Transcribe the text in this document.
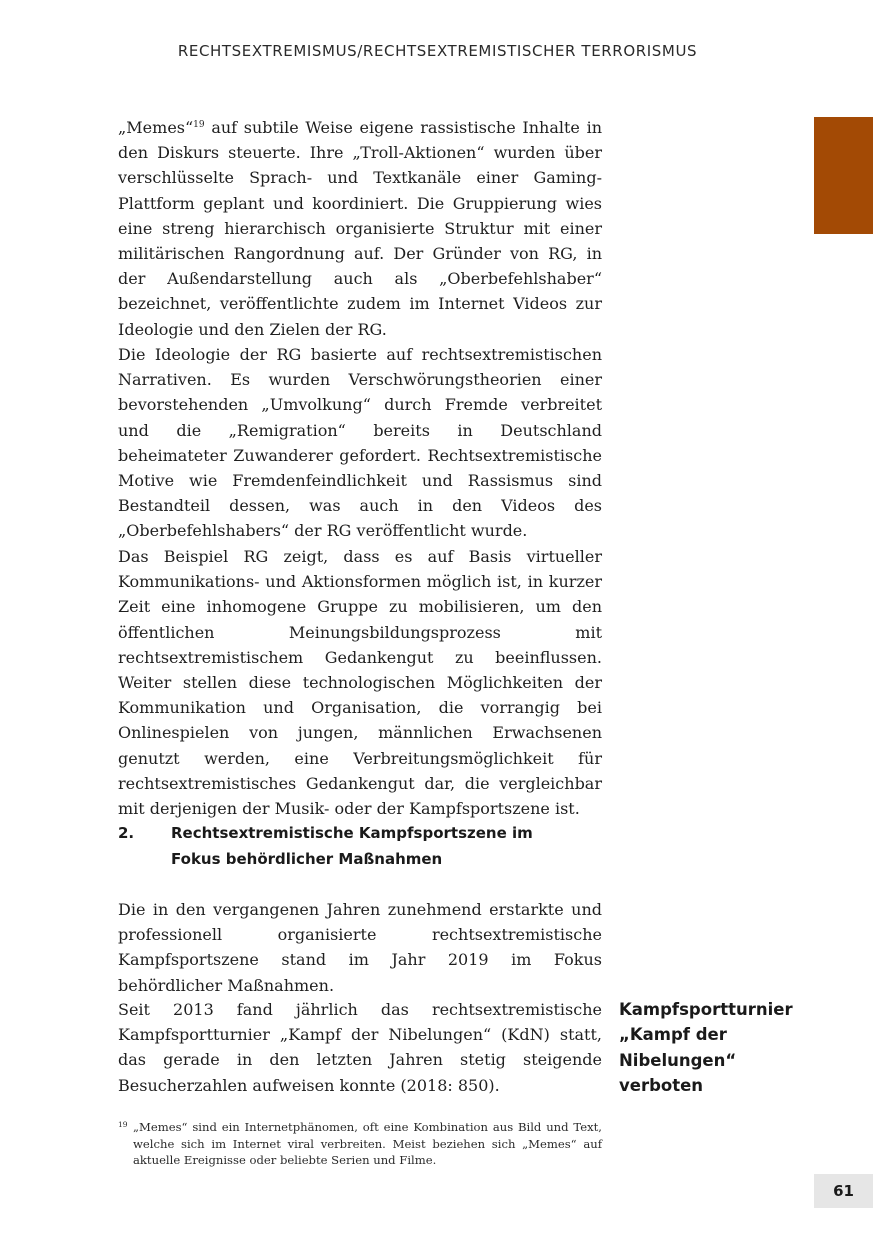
RECHTSEXTREMISMUS/RECHTSEXTREMISTISCHER TERRORISMUS

„Memes“$^{19}$ auf subtile Weise eigene rassistische Inhalte in den Diskurs steuerte. Ihre „Troll-Aktionen“ wurden über verschlüsselte Sprach- und Textkanäle einer Gaming-Plattform geplant und koordiniert. Die Gruppierung wies eine streng hierarchisch organisierte Struktur mit einer militärischen Rangordnung auf. Der Gründer von RG, in der Außendarstellung auch als „Oberbefehlshaber“ bezeichnet, veröffentlichte zudem im Internet Videos zur Ideologie und den Zielen der RG.

Die Ideologie der RG basierte auf rechtsextremistischen Narrativen. Es wurden Verschwörungstheorien einer bevorstehenden „Umvolkung“ durch Fremde verbreitet und die „Remigration“ bereits in Deutschland beheimateter Zuwanderer gefordert. Rechtsextremistische Motive wie Fremdenfeindlichkeit und Rassismus sind Bestandteil dessen, was auch in den Videos des „Oberbefehlshabers“ der RG veröffentlicht wurde.

Das Beispiel RG zeigt, dass es auf Basis virtueller Kommunikations- und Aktionsformen möglich ist, in kurzer Zeit eine inhomogene Gruppe zu mobilisieren, um den öffentlichen Meinungsbildungsprozess mit rechtsextremistischem Gedankengut zu beeinflussen. Weiter stellen diese technologischen Möglichkeiten der Kommunikation und Organisation, die vorrangig bei Onlinespielen von jungen, männlichen Erwachsenen genutzt werden, eine Verbreitungsmöglichkeit für rechtsextremistisches Gedankengut dar, die vergleichbar mit derjenigen der Musik- oder der Kampfsportszene ist.

2. Rechtsextremistische Kampfsportszene im Fokus behördlicher Maßnahmen

Die in den vergangenen Jahren zunehmend erstarkte und professionell organisierte rechtsextremistische Kampfsportszene stand im Jahr 2019 im Fokus behördlicher Maßnahmen.

Seit 2013 fand jährlich das rechtsextremistische Kampfsportturnier „Kampf der Nibelungen“ (KdN) statt, das gerade in den letzten Jahren stetig steigende Besucherzahlen aufweisen konnte (2018: 850).

Kampfsportturnier
„Kampf der
Nibelungen“
verboten
19 „Memes“ sind ein Internetphänomen, oft eine Kombination aus Bild und Text, welche sich im Internet viral verbreiten. Meist beziehen sich „Memes“ auf aktuelle Ereignisse oder beliebte Serien und Filme.
61
